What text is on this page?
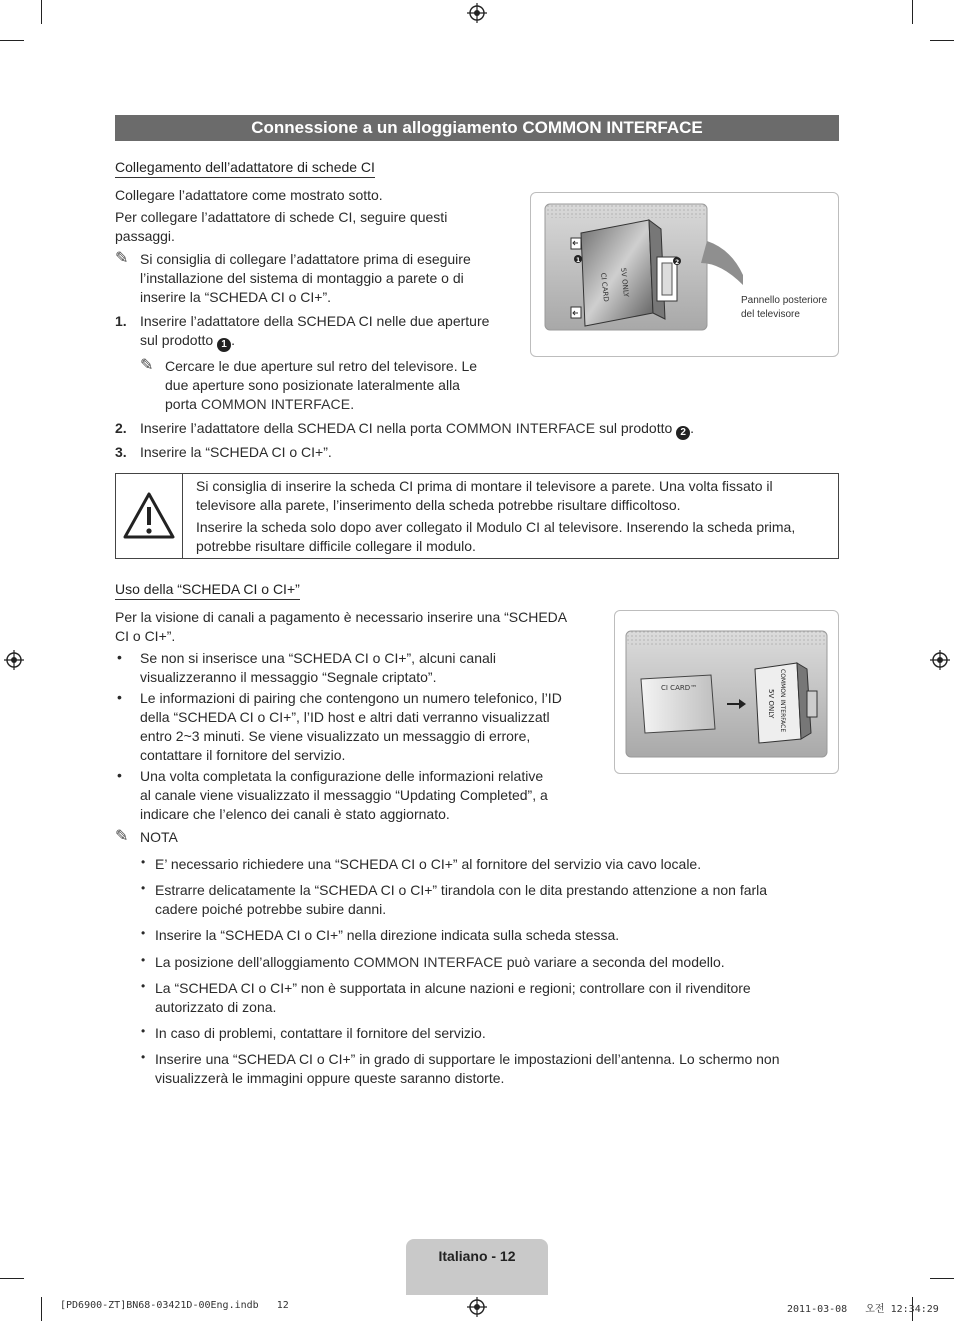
Connessione a un alloggiamento COMMON INTERFACE
Collegamento dell’adattatore di schede CI
Collegare l’adattatore come mostrato sotto.
Per collegare l’adattatore di schede CI, seguire questi
passaggi.
✎ Si consiglia di collegare l’adattatore prima di eseguire
l’installazione del sistema di montaggio a parete o di
inserire la “SCHEDA CI o CI+”.
1. Inserire l’adattatore della SCHEDA CI nelle due aperture
sul prodotto 1 .
✎ Cercare le due aperture sul retro del televisore. Le
due aperture sono posizionate lateralmente alla
porta COMMON INTERFACE.
2. Inserire l’adattatore della SCHEDA CI nella porta COMMON INTERFACE sul prodotto 2 .
3. Inserire la “SCHEDA CI o CI+”.
CI CARD 5V ONLY
1	2
Pannello posteriore
del televisore
Si consiglia di inserire la scheda CI prima di montare il televisore a parete. Una volta fissato il
televisore alla parete, l’inserimento della scheda potrebbe risultare difficoltoso.
Inserire la scheda solo dopo aver collegato il Modulo CI al televisore. Inserendo la scheda prima,
potrebbe risultare difficile collegare il modulo.
Uso della “SCHEDA CI o CI+”
Per la visione di canali a pagamento è necessario inserire una “SCHEDA
CI o CI+”.
• Se non si inserisce una “SCHEDA CI o CI+”, alcuni canali
visualizzeranno il messaggio “Segnale criptato”.
• Le informazioni di pairing che contengono un numero telefonico, l’ID
della “SCHEDA CI o CI+”, l’ID host e altri dati verranno visualizzatl
entro 2~3 minuti. Se viene visualizzato un messaggio di errore,
contattare il fornitore del servizio.
• Una volta completata la configurazione delle informazioni relative
al canale viene visualizzato il messaggio “Updating Completed”, a
indicare che l’elenco dei canali è stato aggiornato.
CI CARD™	COMMON INTERFACE
5V ONLY
✎ NOTA
• E’ necessario richiedere una “SCHEDA CI o CI+” al fornitore del servizio via cavo locale.
• Estrarre delicatamente la “SCHEDA CI o CI+” tirandola con le dita prestando attenzione a non farla
cadere poiché potrebbe subire danni.
• Inserire la “SCHEDA CI o CI+” nella direzione indicata sulla scheda stessa.
• La posizione dell’alloggiamento COMMON INTERFACE può variare a seconda del modello.
• La “SCHEDA CI o CI+” non è supportata in alcune nazioni e regioni; controllare con il rivenditore
autorizzato di zona.
• In caso di problemi, contattare il fornitore del servizio.
• Inserire una “SCHEDA CI o CI+” in grado di supportare le impostazioni dell’antenna. Lo schermo non
visualizzerà le immagini oppure queste saranno distorte.
Italiano - 12
[PD6900-ZT]BN68-03421D-00Eng.indb   12	2011-03-08   오전 12:34:29
